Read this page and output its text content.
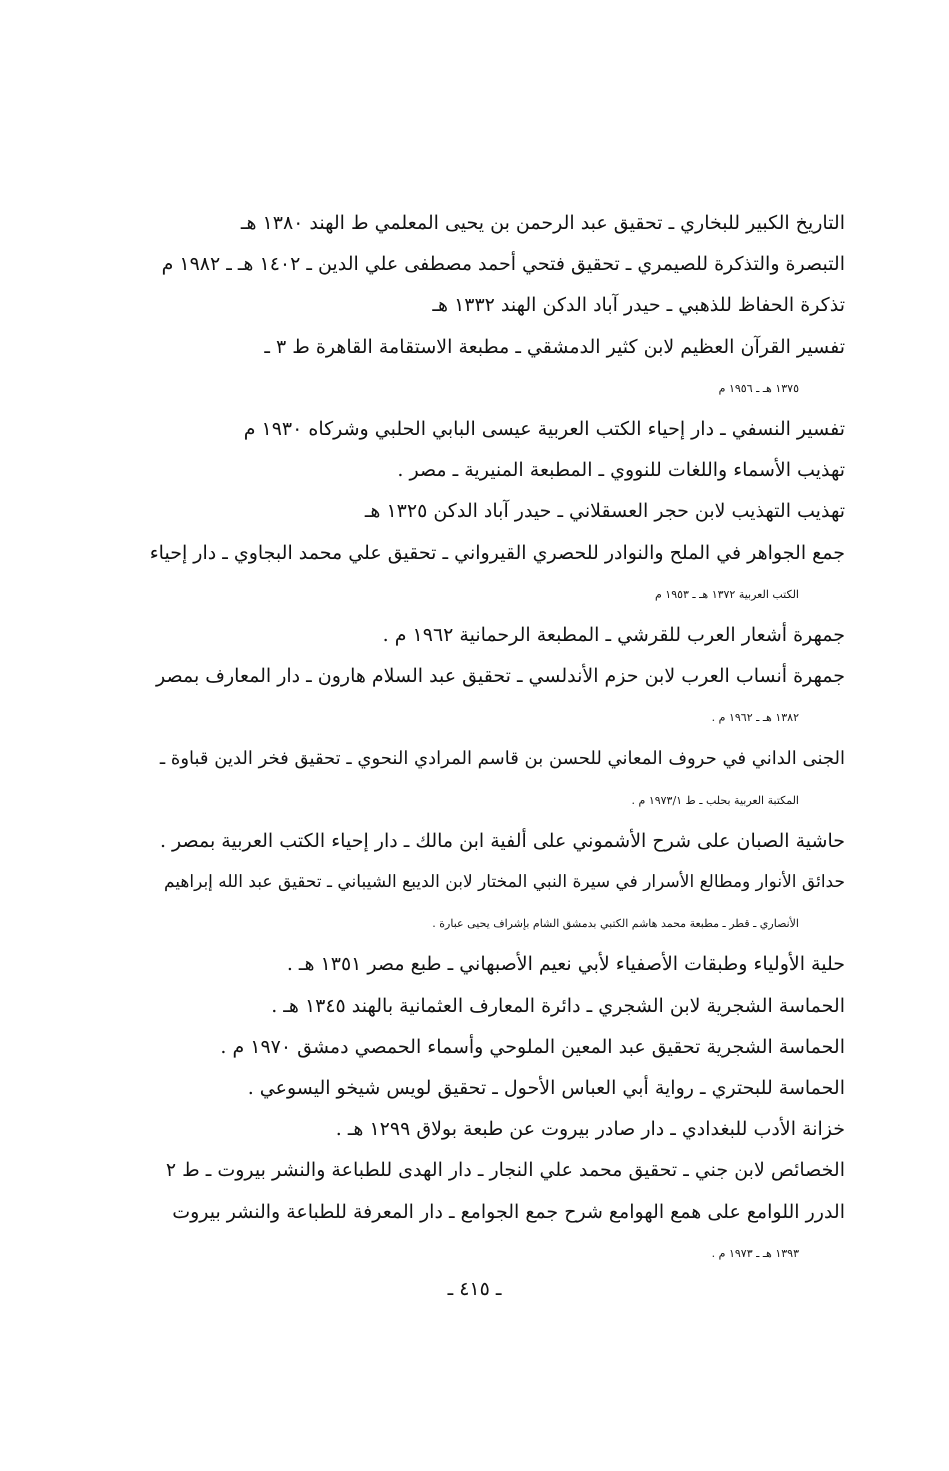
التاريخ الكبير للبخاري ـ تحقيق عبد الرحمن بن يحيى المعلمي ط الهند ١٣٨٠ هـ
التبصرة والتذكرة للصيمري ـ تحقيق فتحي أحمد مصطفى علي الدين ـ ١٤٠٢ هـ ـ ١٩٨٢ م
تذكرة الحفاظ للذهبي ـ حيدر آباد الدكن الهند ١٣٣٢ هـ
تفسير القرآن العظيم لابن كثير الدمشقي ـ مطبعة الاستقامة القاهرة ط ٣ ـ
١٣٧٥ هـ ـ ١٩٥٦ م
تفسير النسفي ـ دار إحياء الكتب العربية عيسى البابي الحلبي وشركاه ١٩٣٠ م
تهذيب الأسماء واللغات للنووي ـ المطبعة المنيرية ـ مصر .
تهذيب التهذيب لابن حجر العسقلاني ـ حيدر آباد الدكن ١٣٢٥ هـ
جمع الجواهر في الملح والنوادر للحصري القيرواني ـ تحقيق علي محمد البجاوي ـ دار إحياء
الكتب العربية ١٣٧٢ هـ ـ ١٩٥٣ م
جمهرة أشعار العرب للقرشي ـ المطبعة الرحمانية ١٩٦٢ م .
جمهرة أنساب العرب لابن حزم الأندلسي ـ تحقيق عبد السلام هارون ـ دار المعارف بمصر
١٣٨٢ هـ ـ ١٩٦٢ م .
الجنى الداني في حروف المعاني للحسن بن قاسم المرادي النحوي ـ تحقيق فخر الدين قباوة ـ
المكتبة العربية بحلب ـ ط ١٩٧٣/١ م .
حاشية الصبان على شرح الأشموني على ألفية ابن مالك ـ دار إحياء الكتب العربية بمصر .
حدائق الأنوار ومطالع الأسرار في سيرة النبي المختار لابن الديبع الشيباني ـ تحقيق عبد الله إبراهيم
الأنصاري ـ قطر ـ مطبعة محمد هاشم الكتبي بدمشق الشام بإشراف يحيى عبارة .
حلية الأولياء وطبقات الأصفياء لأبي نعيم الأصبهاني ـ طبع مصر ١٣٥١ هـ .
الحماسة الشجرية لابن الشجري ـ دائرة المعارف العثمانية بالهند ١٣٤٥ هـ .
الحماسة الشجرية تحقيق عبد المعين الملوحي وأسماء الحمصي دمشق ١٩٧٠ م .
الحماسة للبحتري ـ رواية أبي العباس الأحول ـ تحقيق لويس شيخو اليسوعي .
خزانة الأدب للبغدادي ـ دار صادر بيروت عن طبعة بولاق ١٢٩٩ هـ .
الخصائص لابن جني ـ تحقيق محمد علي النجار ـ دار الهدى للطباعة والنشر بيروت ـ ط ٢
الدرر اللوامع على همع الهوامع شرح جمع الجوامع ـ دار المعرفة للطباعة والنشر بيروت
١٣٩٣ هـ ـ ١٩٧٣ م .
ـ ٤١٥ ـ
